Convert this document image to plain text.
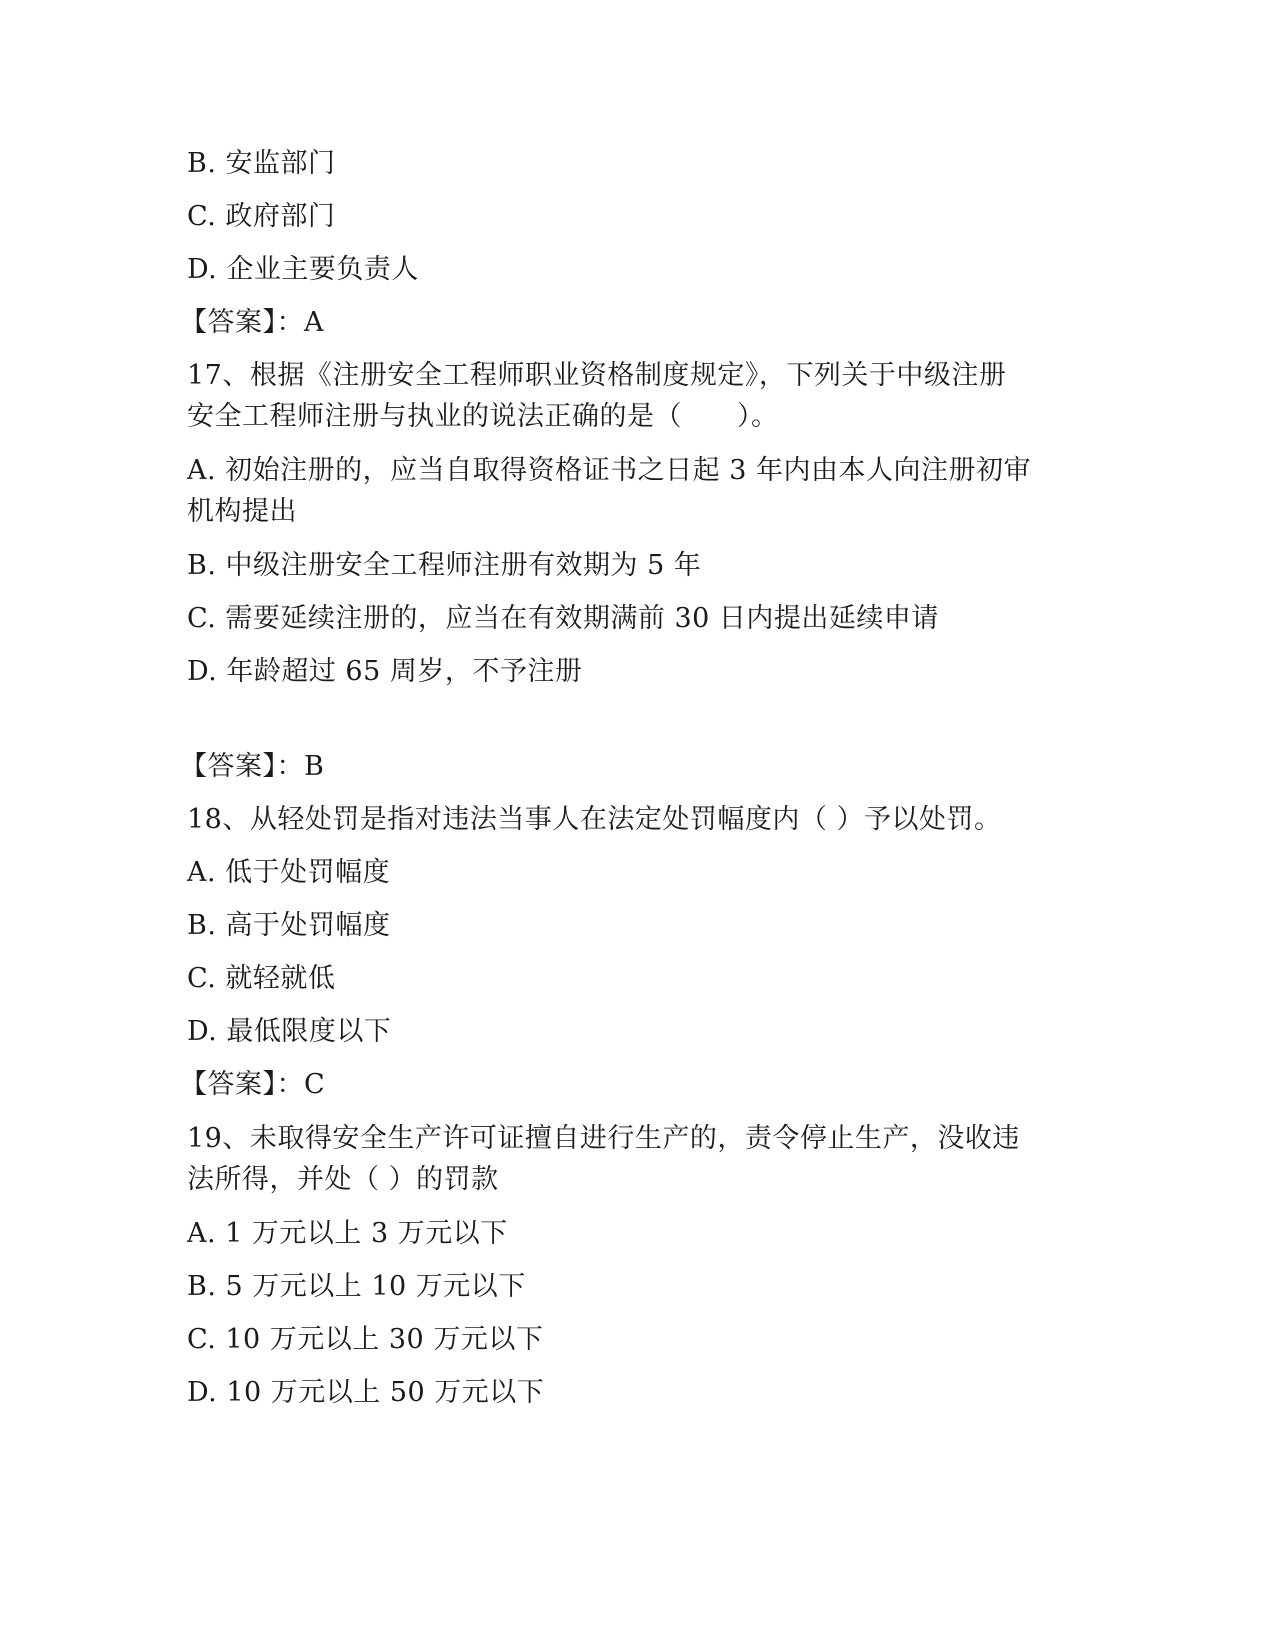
B. 安监部门
C. 政府部门
D. 企业主要负责人
【答案】：A
17、根据《注册安全工程师职业资格制度规定》，下列关于中级注册
安全工程师注册与执业的说法正确的是（　　）。
A. 初始注册的，应当自取得资格证书之日起 3 年内由本人向注册初审
机构提出
B. 中级注册安全工程师注册有效期为 5 年
C. 需要延续注册的，应当在有效期满前 30 日内提出延续申请
D. 年龄超过 65 周岁，不予注册
【答案】：B
18、从轻处罚是指对违法当事人在法定处罚幅度内（ ）予以处罚。
A. 低于处罚幅度
B. 高于处罚幅度
C. 就轻就低
D. 最低限度以下
【答案】：C
19、未取得安全生产许可证擅自进行生产的，责令停止生产，没收违
法所得，并处（ ）的罚款
A. 1 万元以上 3 万元以下
B. 5 万元以上 10 万元以下
C. 10 万元以上 30 万元以下
D. 10 万元以上 50 万元以下
